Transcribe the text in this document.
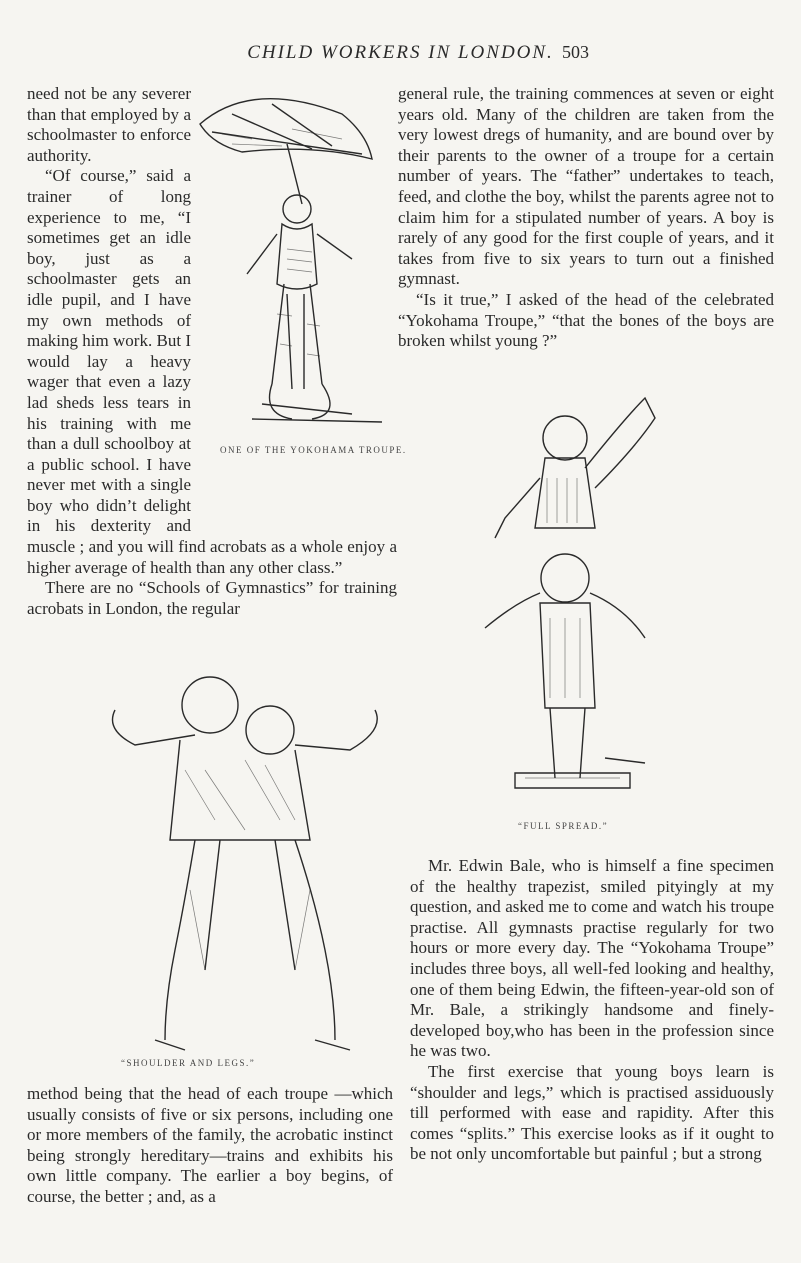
CHILD WORKERS IN LONDON. 503

need not be any severer than that employed by a schoolmaster to enforce authority.

“Of course,” said a trainer of long experience to me, “I sometimes get an idle boy, just as a schoolmaster gets an idle pupil, and I have my own methods of making him work. But I would lay a heavy wager that even a lazy lad sheds less tears in his training with me than a dull schoolboy at a public school. I have never met with a single boy who didn’t delight in his dexterity and muscle ; and you will find acrobats as a whole enjoy a higher average of health than any other class.”

There are no “Schools of Gymnastics” for training acrobats in London, the regular

ONE OF THE YOKOHAMA TROUPE.

general rule, the training commences at seven or eight years old. Many of the children are taken from the very lowest dregs of humanity, and are bound over by their parents to the owner of a troupe for a certain number of years. The “father” undertakes to teach, feed, and clothe the boy, whilst the parents agree not to claim him for a stipulated number of years. A boy is rarely of any good for the first couple of years, and it takes from five to six years to turn out a finished gymnast.

“Is it true,” I asked of the head of the celebrated “Yokohama Troupe,” “that the bones of the boys are broken whilst young ?”

“FULL SPREAD.”
“SHOULDER AND LEGS.”

method being that the head of each troupe —which usually consists of five or six persons, including one or more members of the family, the acrobatic instinct being strongly hereditary—trains and exhibits his own little company. The earlier a boy begins, of course, the better ; and, as a

Mr. Edwin Bale, who is himself a fine specimen of the healthy trapezist, smiled pityingly at my question, and asked me to come and watch his troupe practise. All gymnasts practise regularly for two hours or more every day. The “Yokohama Troupe” includes three boys, all well-fed looking and healthy, one of them being Edwin, the fifteen-year-old son of Mr. Bale, a strikingly handsome and finely-developed boy,who has been in the profession since he was two.

The first exercise that young boys learn is “shoulder and legs,” which is practised assiduously till performed with ease and rapidity. After this comes “splits.” This exercise looks as if it ought to be not only uncomfortable but painful ; but a strong
